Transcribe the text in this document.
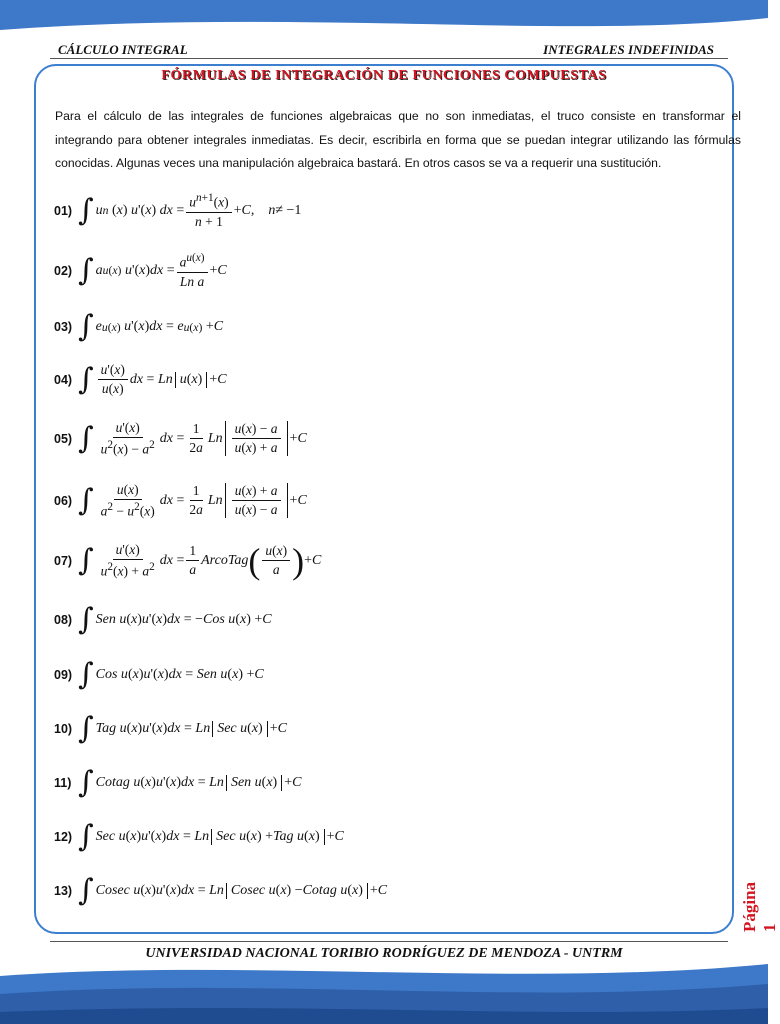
CÁLCULO INTEGRAL	INTEGRALES INDEFINIDAS
FÓRMULAS DE INTEGRACIÓN DE FUNCIONES COMPUESTAS
Para el cálculo de las integrales de funciones algebraicas que no son inmediatas, el truco consiste en transformar el integrando para obtener integrales inmediatas. Es decir, escribirla en forma que se puedan integrar utilizando las fórmulas conocidas. Algunas veces una manipulación algebraica bastará. En otros casos se va a requerir una sustitución.
01) ∫ u n ( x ) u '( x ) dx = $\frac{u^{n+1}(x)}{n + 1} + C$ , n ≠ −1
02) ∫ a u(x)
u '( x ) dx = $\frac{a^{u(x)}}{\text{Ln a}} + C$
03) ∫ e u(x)
u '( x ) dx = e u(x) + C
04) ∫ $\frac{u'(x)}{u(x)}$ dx = Ln u ( x ) + C
05) ∫ $\frac{u'(x)}{u^2(x) - a^2}$ dx = $\frac{1}{2a}$ Ln $\frac{u(x) - a}{u(x) + a} + C$
06) ∫ $\frac{u(x)}{a^2 - u^2(x)}$ dx = $\frac{1}{2a}$ Ln $\frac{u(x) + a}{u(x) - a} + C$
07) ∫ $\frac{u'(x)}{u^2(x) + a^2}$ dx = $\frac{1}{a}$ ArcoTag ( $\frac{u(x)}{a}$ ) + C
08) ∫ Sen u ( x ) u '( x ) dx = − Cos u ( x ) + C
09) ∫ Cos u ( x ) u '( x ) dx = Sen u ( x ) + C
10) ∫ Tag u ( x ) u '( x ) dx = Ln Sec u ( x ) + C
11) ∫ Cotag u ( x ) u '( x ) dx = Ln Sen u ( x ) + C
12) ∫ Sec u ( x ) u '( x ) dx = Ln Sec u ( x ) + Tag u ( x ) + C
13) ∫ Cosec u ( x ) u '( x ) dx = Ln Cosec u ( x ) − Cotag u ( x ) + C	Página 1
UNIVERSIDAD NACIONAL TORIBIO RODRÍGUEZ DE MENDOZA - UNTRM
